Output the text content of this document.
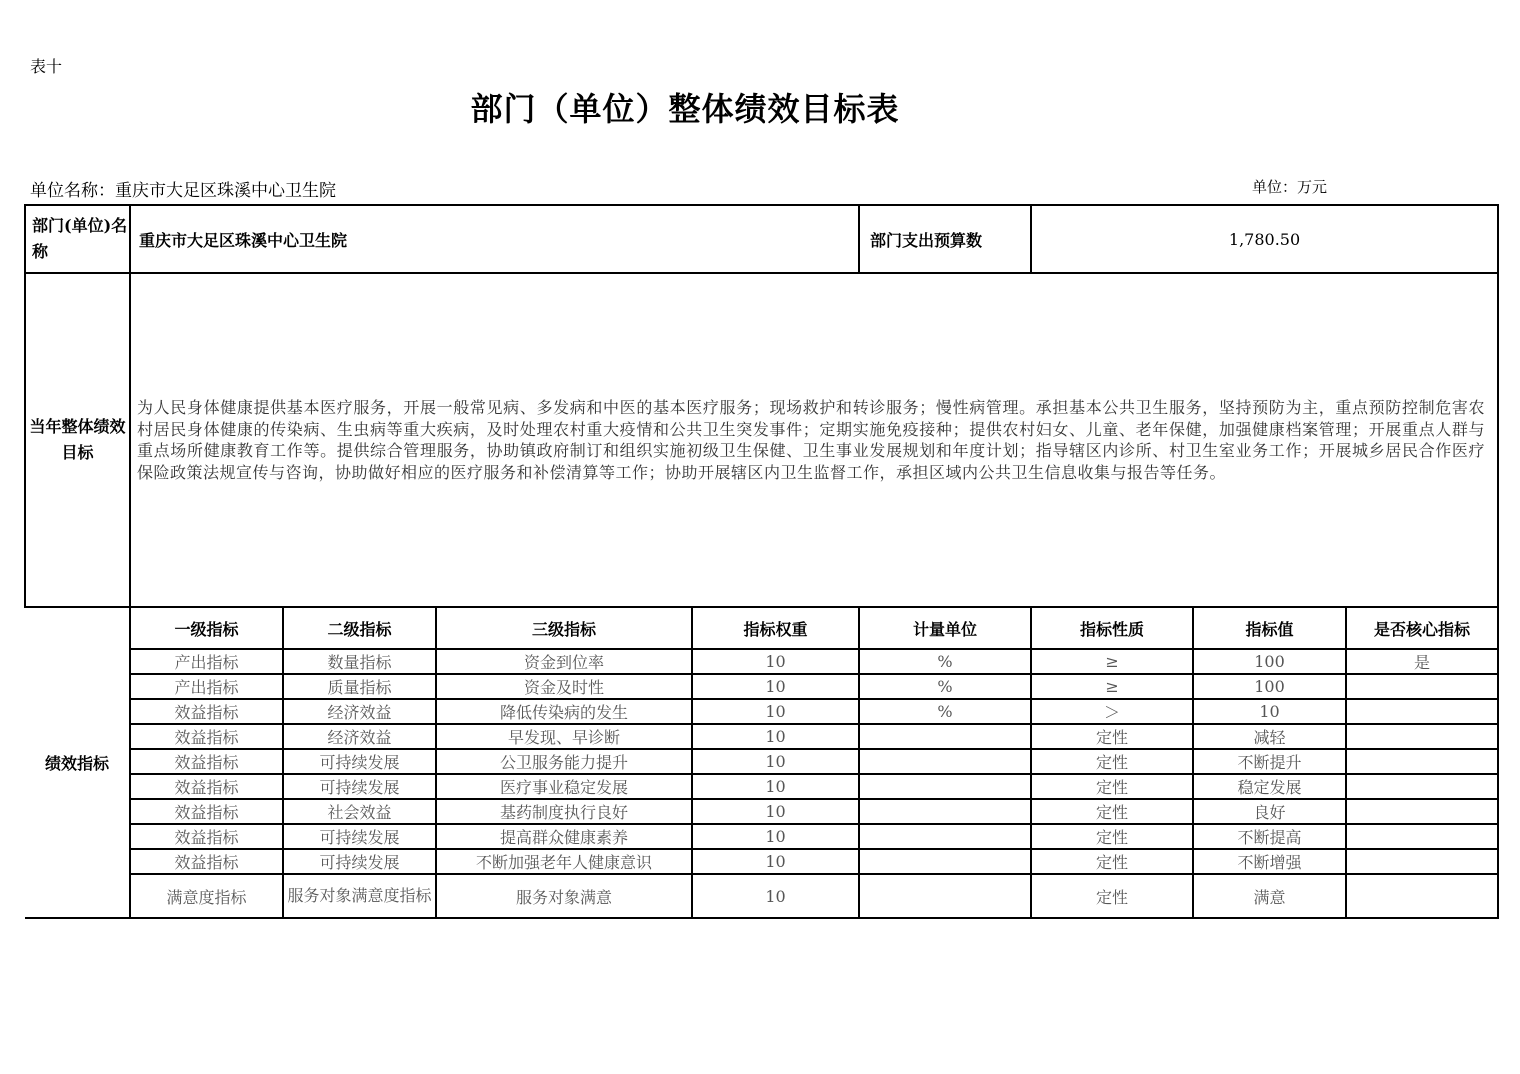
表十
部门（单位）整体绩效目标表
单位名称：重庆市大足区珠溪中心卫生院	单位：万元
部门(单位)名称	重庆市大足区珠溪中心卫生院				部门支出预算数	1,780.50		
当年整体绩效目标	为人民身体健康提供基本医疗服务，开展一般常见病、多发病和中医的基本医疗服务；现场救护和转诊服务；慢性病管理。承担基本公共卫生服务，坚持预防为主，重点预防控制危害农村居民身体健康的传染病、生虫病等重大疾病，及时处理农村重大疫情和公共卫生突发事件；定期实施免疫接种；提供农村妇女、儿童、老年保健，加强健康档案管理；开展重点人群与重点场所健康教育工作等。提供综合管理服务，协助镇政府制订和组织实施初级卫生保健、卫生事业发展规划和年度计划；指导辖区内诊所、村卫生室业务工作；开展城乡居民合作医疗保险政策法规宣传与咨询，协助做好相应的医疗服务和补偿清算等工作；协助开展辖区内卫生监督工作，承担区域内公共卫生信息收集与报告等任务。							
绩效指标	一级指标	二级指标	三级指标	指标权重	计量单位	指标性质	指标值	是否核心指标
	产出指标	数量指标	资金到位率	10	%	≥	100	是
	产出指标	质量指标	资金及时性	10	%	≥	100	
	效益指标	经济效益	降低传染病的发生	10	%	＞	10	
	效益指标	经济效益	早发现、早诊断	10		定性	减轻	
	效益指标	可持续发展	公卫服务能力提升	10		定性	不断提升	
	效益指标	可持续发展	医疗事业稳定发展	10		定性	稳定发展	
	效益指标	社会效益	基药制度执行良好	10		定性	良好	
	效益指标	可持续发展	提高群众健康素养	10		定性	不断提高	
	效益指标	可持续发展	不断加强老年人健康意识	10		定性	不断增强	
	满意度指标	服务对象满意度指标	服务对象满意	10		定性	满意	
